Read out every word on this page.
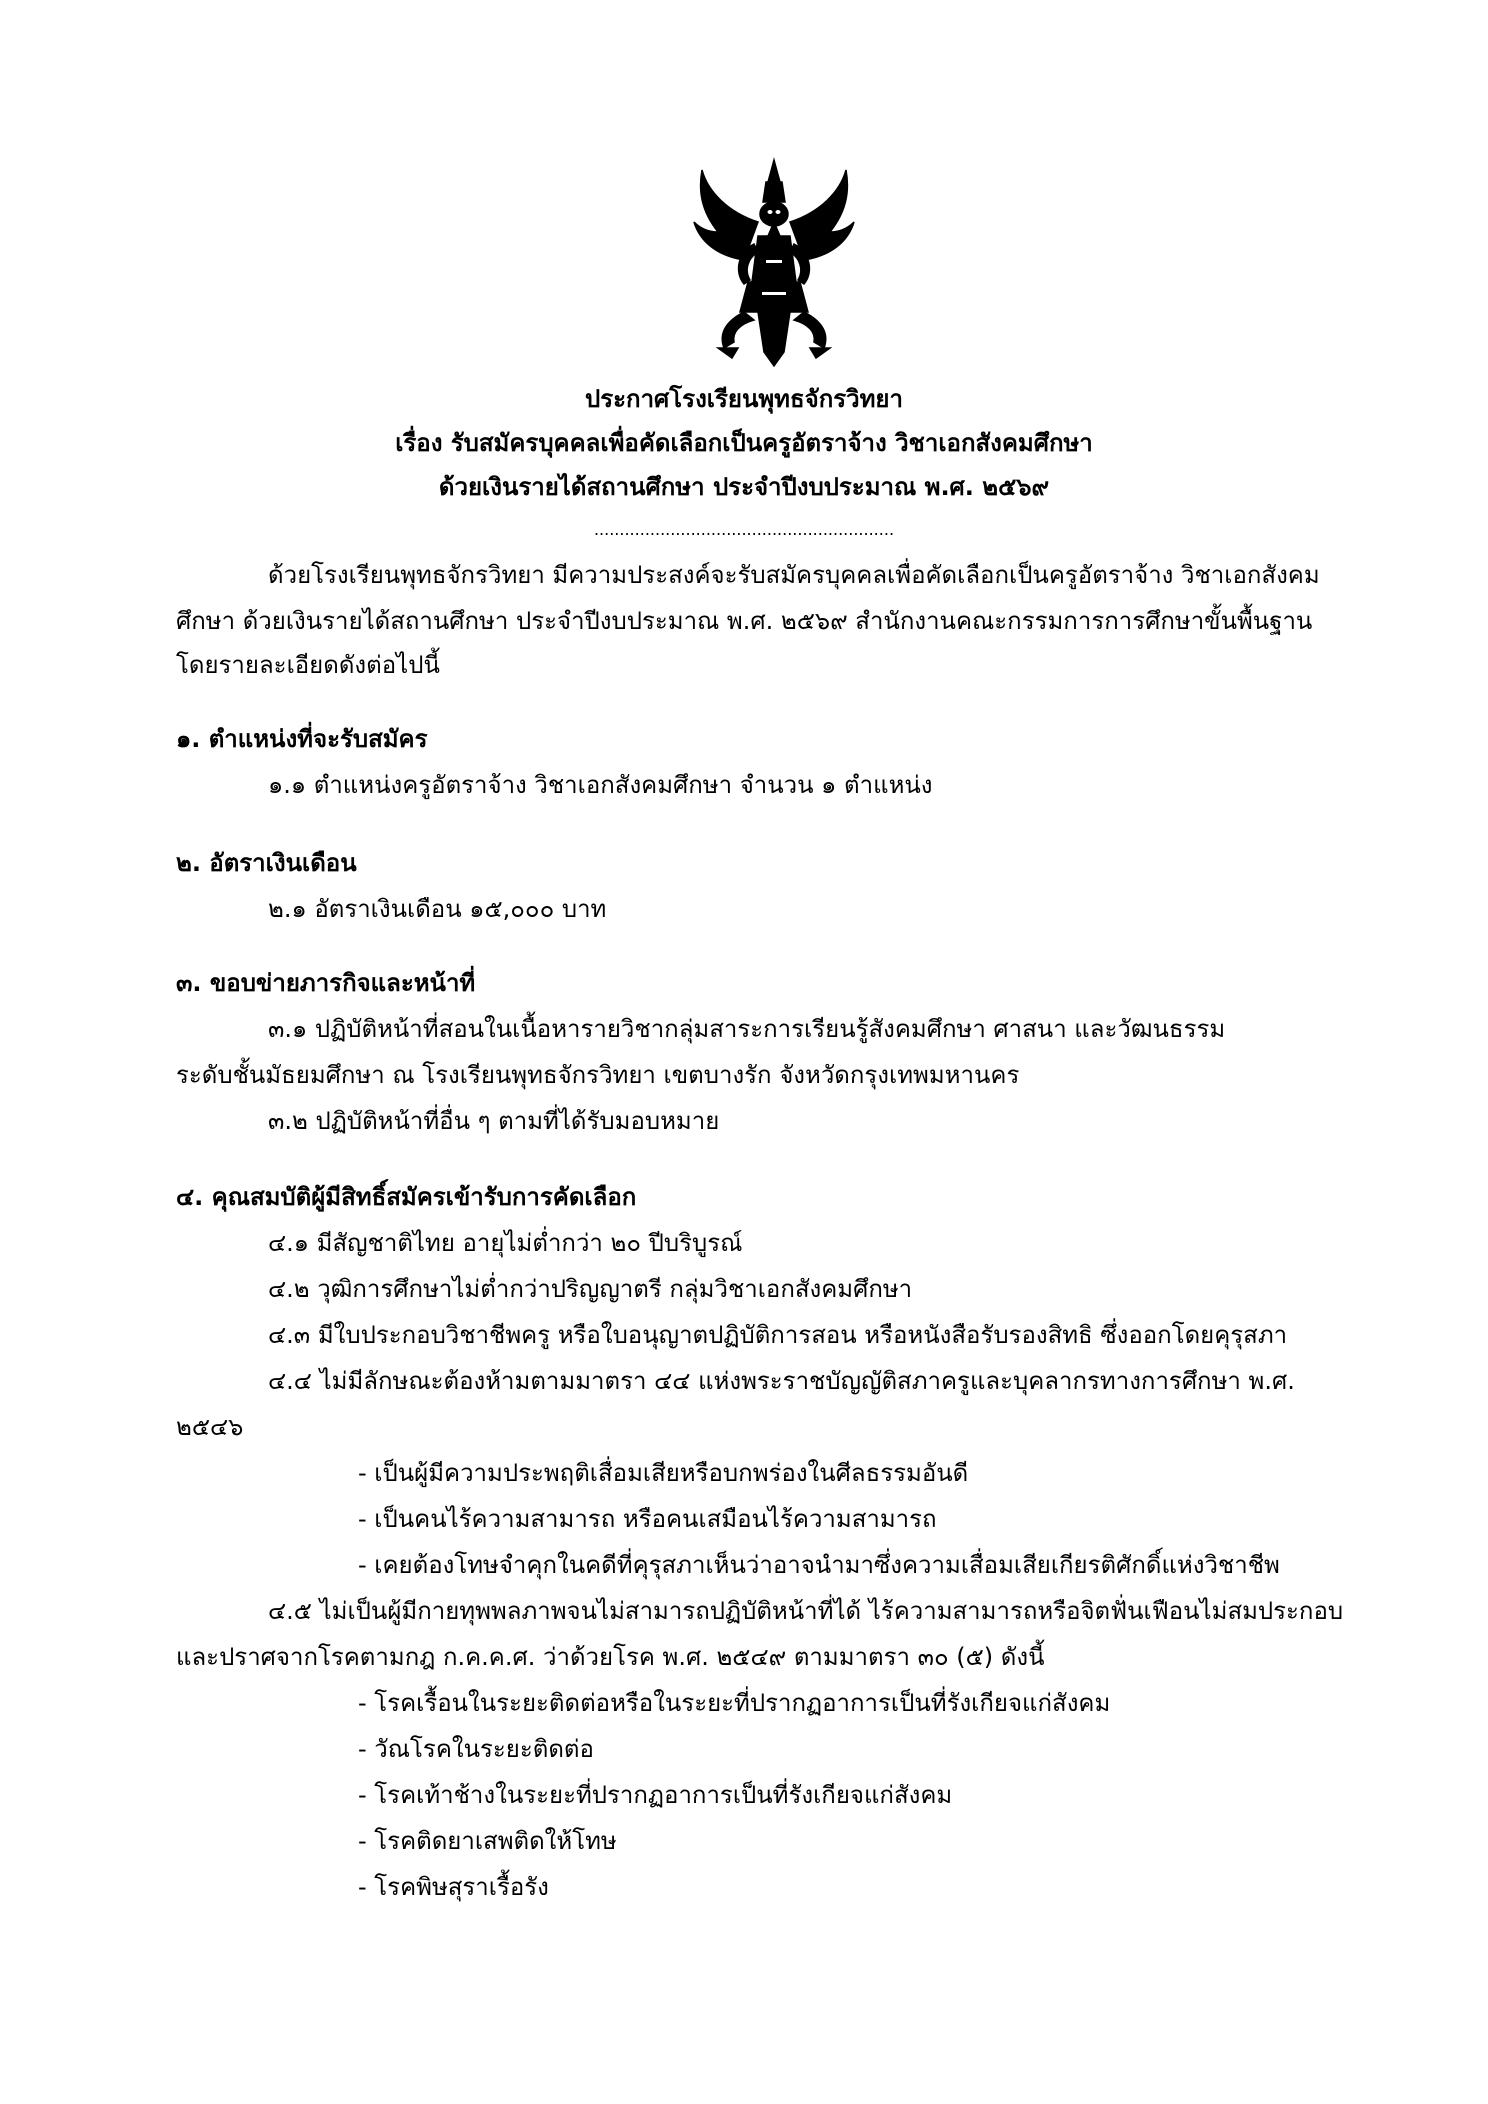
ประกาศโรงเรียนพุทธจักรวิทยา
เรื่อง รับสมัครบุคคลเพื่อคัดเลือกเป็นครูอัตราจ้าง วิชาเอกสังคมศึกษา
ด้วยเงินรายได้สถานศึกษา ประจำปีงบประมาณ พ.ศ. ๒๕๖๙
...........................................................
ด้วยโรงเรียนพุทธจักรวิทยา มีความประสงค์จะรับสมัครบุคคลเพื่อคัดเลือกเป็นครูอัตราจ้าง วิชาเอกสังคม
ศึกษา ด้วยเงินรายได้สถานศึกษา ประจำปีงบประมาณ พ.ศ. ๒๕๖๙ สำนักงานคณะกรรมการการศึกษาขั้นพื้นฐาน
โดยรายละเอียดดังต่อไปนี้
๑. ตำแหน่งที่จะรับสมัคร
๑.๑ ตำแหน่งครูอัตราจ้าง วิชาเอกสังคมศึกษา จำนวน ๑ ตำแหน่ง
๒. อัตราเงินเดือน
๒.๑ อัตราเงินเดือน ๑๕,๐๐๐ บาท
๓. ขอบข่ายภารกิจและหน้าที่
๓.๑ ปฏิบัติหน้าที่สอนในเนื้อหารายวิชากลุ่มสาระการเรียนรู้สังคมศึกษา ศาสนา และวัฒนธรรม
ระดับชั้นมัธยมศึกษา ณ โรงเรียนพุทธจักรวิทยา เขตบางรัก จังหวัดกรุงเทพมหานคร
๓.๒ ปฏิบัติหน้าที่อื่น ๆ ตามที่ได้รับมอบหมาย
๔. คุณสมบัติผู้มีสิทธิ์สมัครเข้ารับการคัดเลือก
๔.๑ มีสัญชาติไทย อายุไม่ต่ำกว่า ๒๐ ปีบริบูรณ์
๔.๒ วุฒิการศึกษาไม่ต่ำกว่าปริญญาตรี กลุ่มวิชาเอกสังคมศึกษา
๔.๓ มีใบประกอบวิชาชีพครู หรือใบอนุญาตปฏิบัติการสอน หรือหนังสือรับรองสิทธิ ซึ่งออกโดยคุรุสภา
๔.๔ ไม่มีลักษณะต้องห้ามตามมาตรา ๔๔ แห่งพระราชบัญญัติสภาครูและบุคลากรทางการศึกษา พ.ศ.
๒๕๔๖
- เป็นผู้มีความประพฤติเสื่อมเสียหรือบกพร่องในศีลธรรมอันดี
- เป็นคนไร้ความสามารถ หรือคนเสมือนไร้ความสามารถ
- เคยต้องโทษจำคุกในคดีที่คุรุสภาเห็นว่าอาจนำมาซึ่งความเสื่อมเสียเกียรติศักดิ์แห่งวิชาชีพ
๔.๕ ไม่เป็นผู้มีกายทุพพลภาพจนไม่สามารถปฏิบัติหน้าที่ได้ ไร้ความสามารถหรือจิตฟั่นเฟือนไม่สมประกอบ
และปราศจากโรคตามกฎ ก.ค.ค.ศ. ว่าด้วยโรค พ.ศ. ๒๕๔๙ ตามมาตรา ๓๐ (๕) ดังนี้
- โรคเรื้อนในระยะติดต่อหรือในระยะที่ปรากฏอาการเป็นที่รังเกียจแก่สังคม
- วัณโรคในระยะติดต่อ
- โรคเท้าช้างในระยะที่ปรากฏอาการเป็นที่รังเกียจแก่สังคม
- โรคติดยาเสพติดให้โทษ
- โรคพิษสุราเรื้อรัง
